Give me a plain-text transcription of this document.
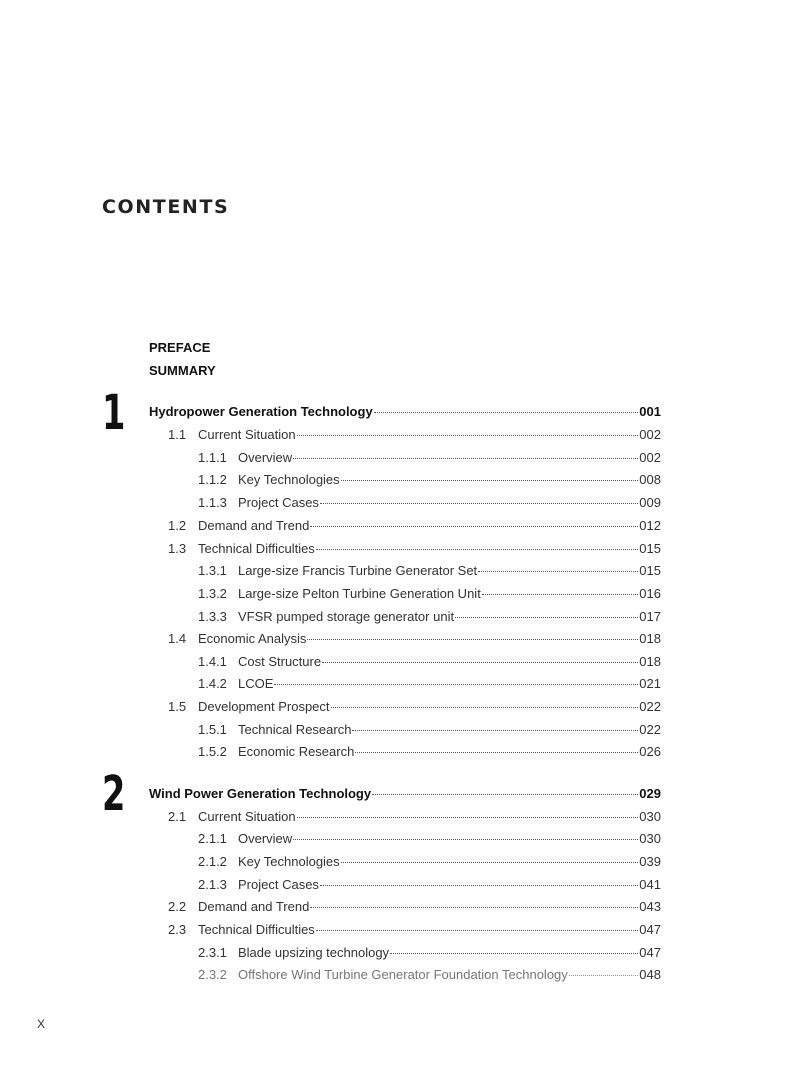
CONTENTS
PREFACE
SUMMARY
1 Hydropower Generation Technology	001
1.1 Current Situation	002
1.1.1 Overview	002
1.1.2 Key Technologies	008
1.1.3 Project Cases	009
1.2 Demand and Trend	012
1.3 Technical Difficulties	015
1.3.1 Large-size Francis Turbine Generator Set	015
1.3.2 Large-size Pelton Turbine Generation Unit	016
1.3.3 VFSR pumped storage generator unit	017
1.4 Economic Analysis	018
1.4.1 Cost Structure	018
1.4.2 LCOE	021
1.5 Development Prospect	022
1.5.1 Technical Research	022
1.5.2 Economic Research	026
2 Wind Power Generation Technology	029
2.1 Current Situation	030
2.1.1 Overview	030
2.1.2 Key Technologies	039
2.1.3 Project Cases	041
2.2 Demand and Trend	043
2.3 Technical Difficulties	047
2.3.1 Blade upsizing technology	047
2.3.2 Offshore Wind Turbine Generator Foundation Technology	048
X
